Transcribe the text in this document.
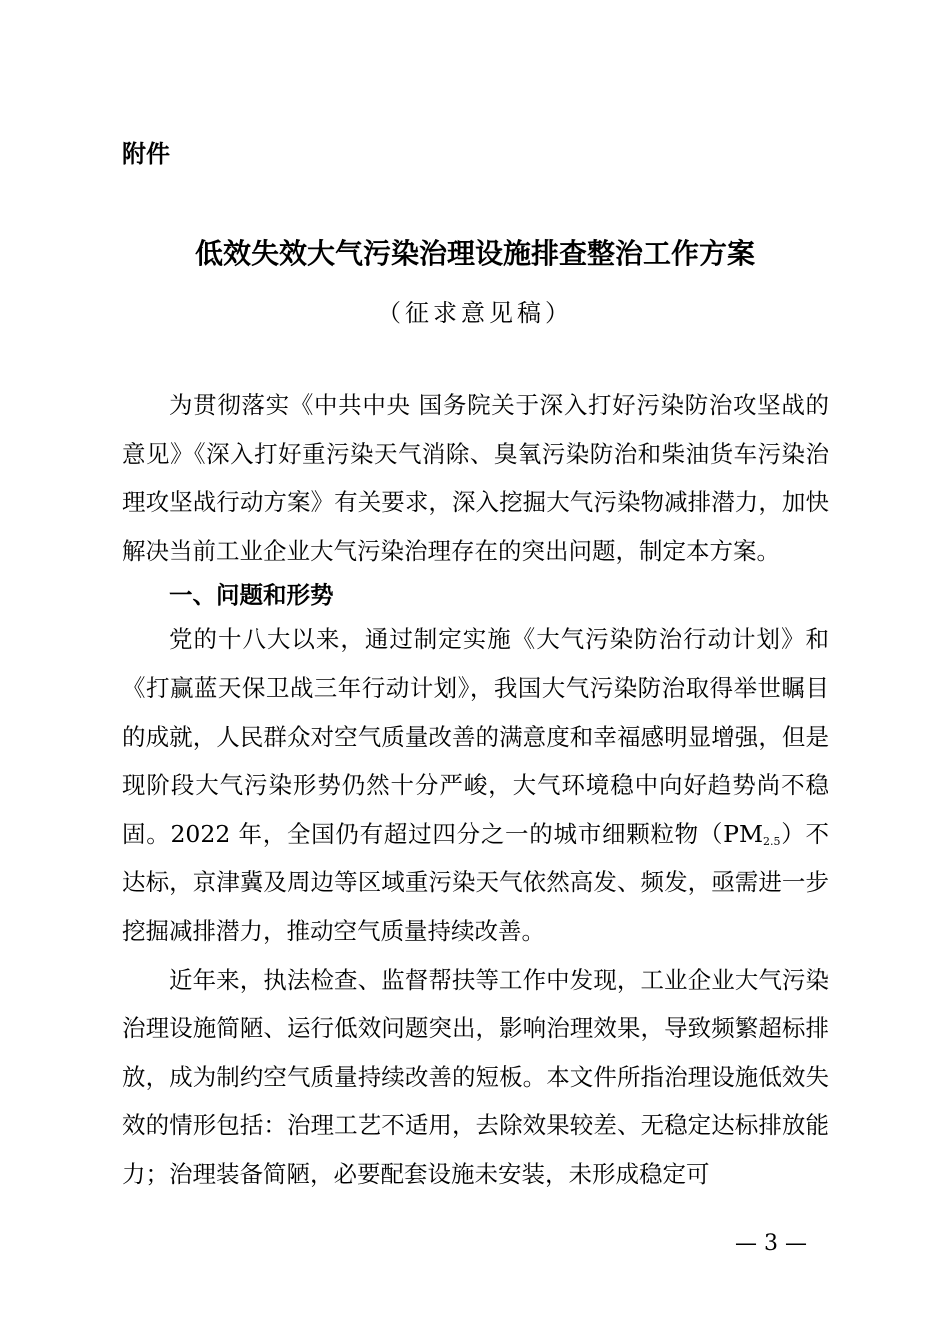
附件
低效失效大气污染治理设施排查整治工作方案
（征求意见稿）

为贯彻落实《中共中央 国务院关于深入打好污染防治攻坚战的意见》《深入打好重污染天气消除、臭氧污染防治和柴油货车污染治理攻坚战行动方案》有关要求，深入挖掘大气污染物减排潜力，加快解决当前工业企业大气污染治理存在的突出问题，制定本方案。

一、问题和形势

党的十八大以来，通过制定实施《大气污染防治行动计划》和《打赢蓝天保卫战三年行动计划》，我国大气污染防治取得举世瞩目的成就，人民群众对空气质量改善的满意度和幸福感明显增强，但是现阶段大气污染形势仍然十分严峻，大气环境稳中向好趋势尚不稳固。2022 年，全国仍有超过四分之一的城市细颗粒物$(PM_{2.5})$不达标，京津冀及周边等区域重污染天气依然高发、频发，亟需进一步挖掘减排潜力，推动空气质量持续改善。

近年来，执法检查、监督帮扶等工作中发现，工业企业大气污染治理设施简陋、运行低效问题突出，影响治理效果，导致频繁超标排放，成为制约空气质量持续改善的短板。本文件所指治理设施低效失效的情形包括：治理工艺不适用，去除效果较差、无稳定达标排放能力；治理装备简陋，必要配套设施未安装，未形成稳定可

— 3 —
